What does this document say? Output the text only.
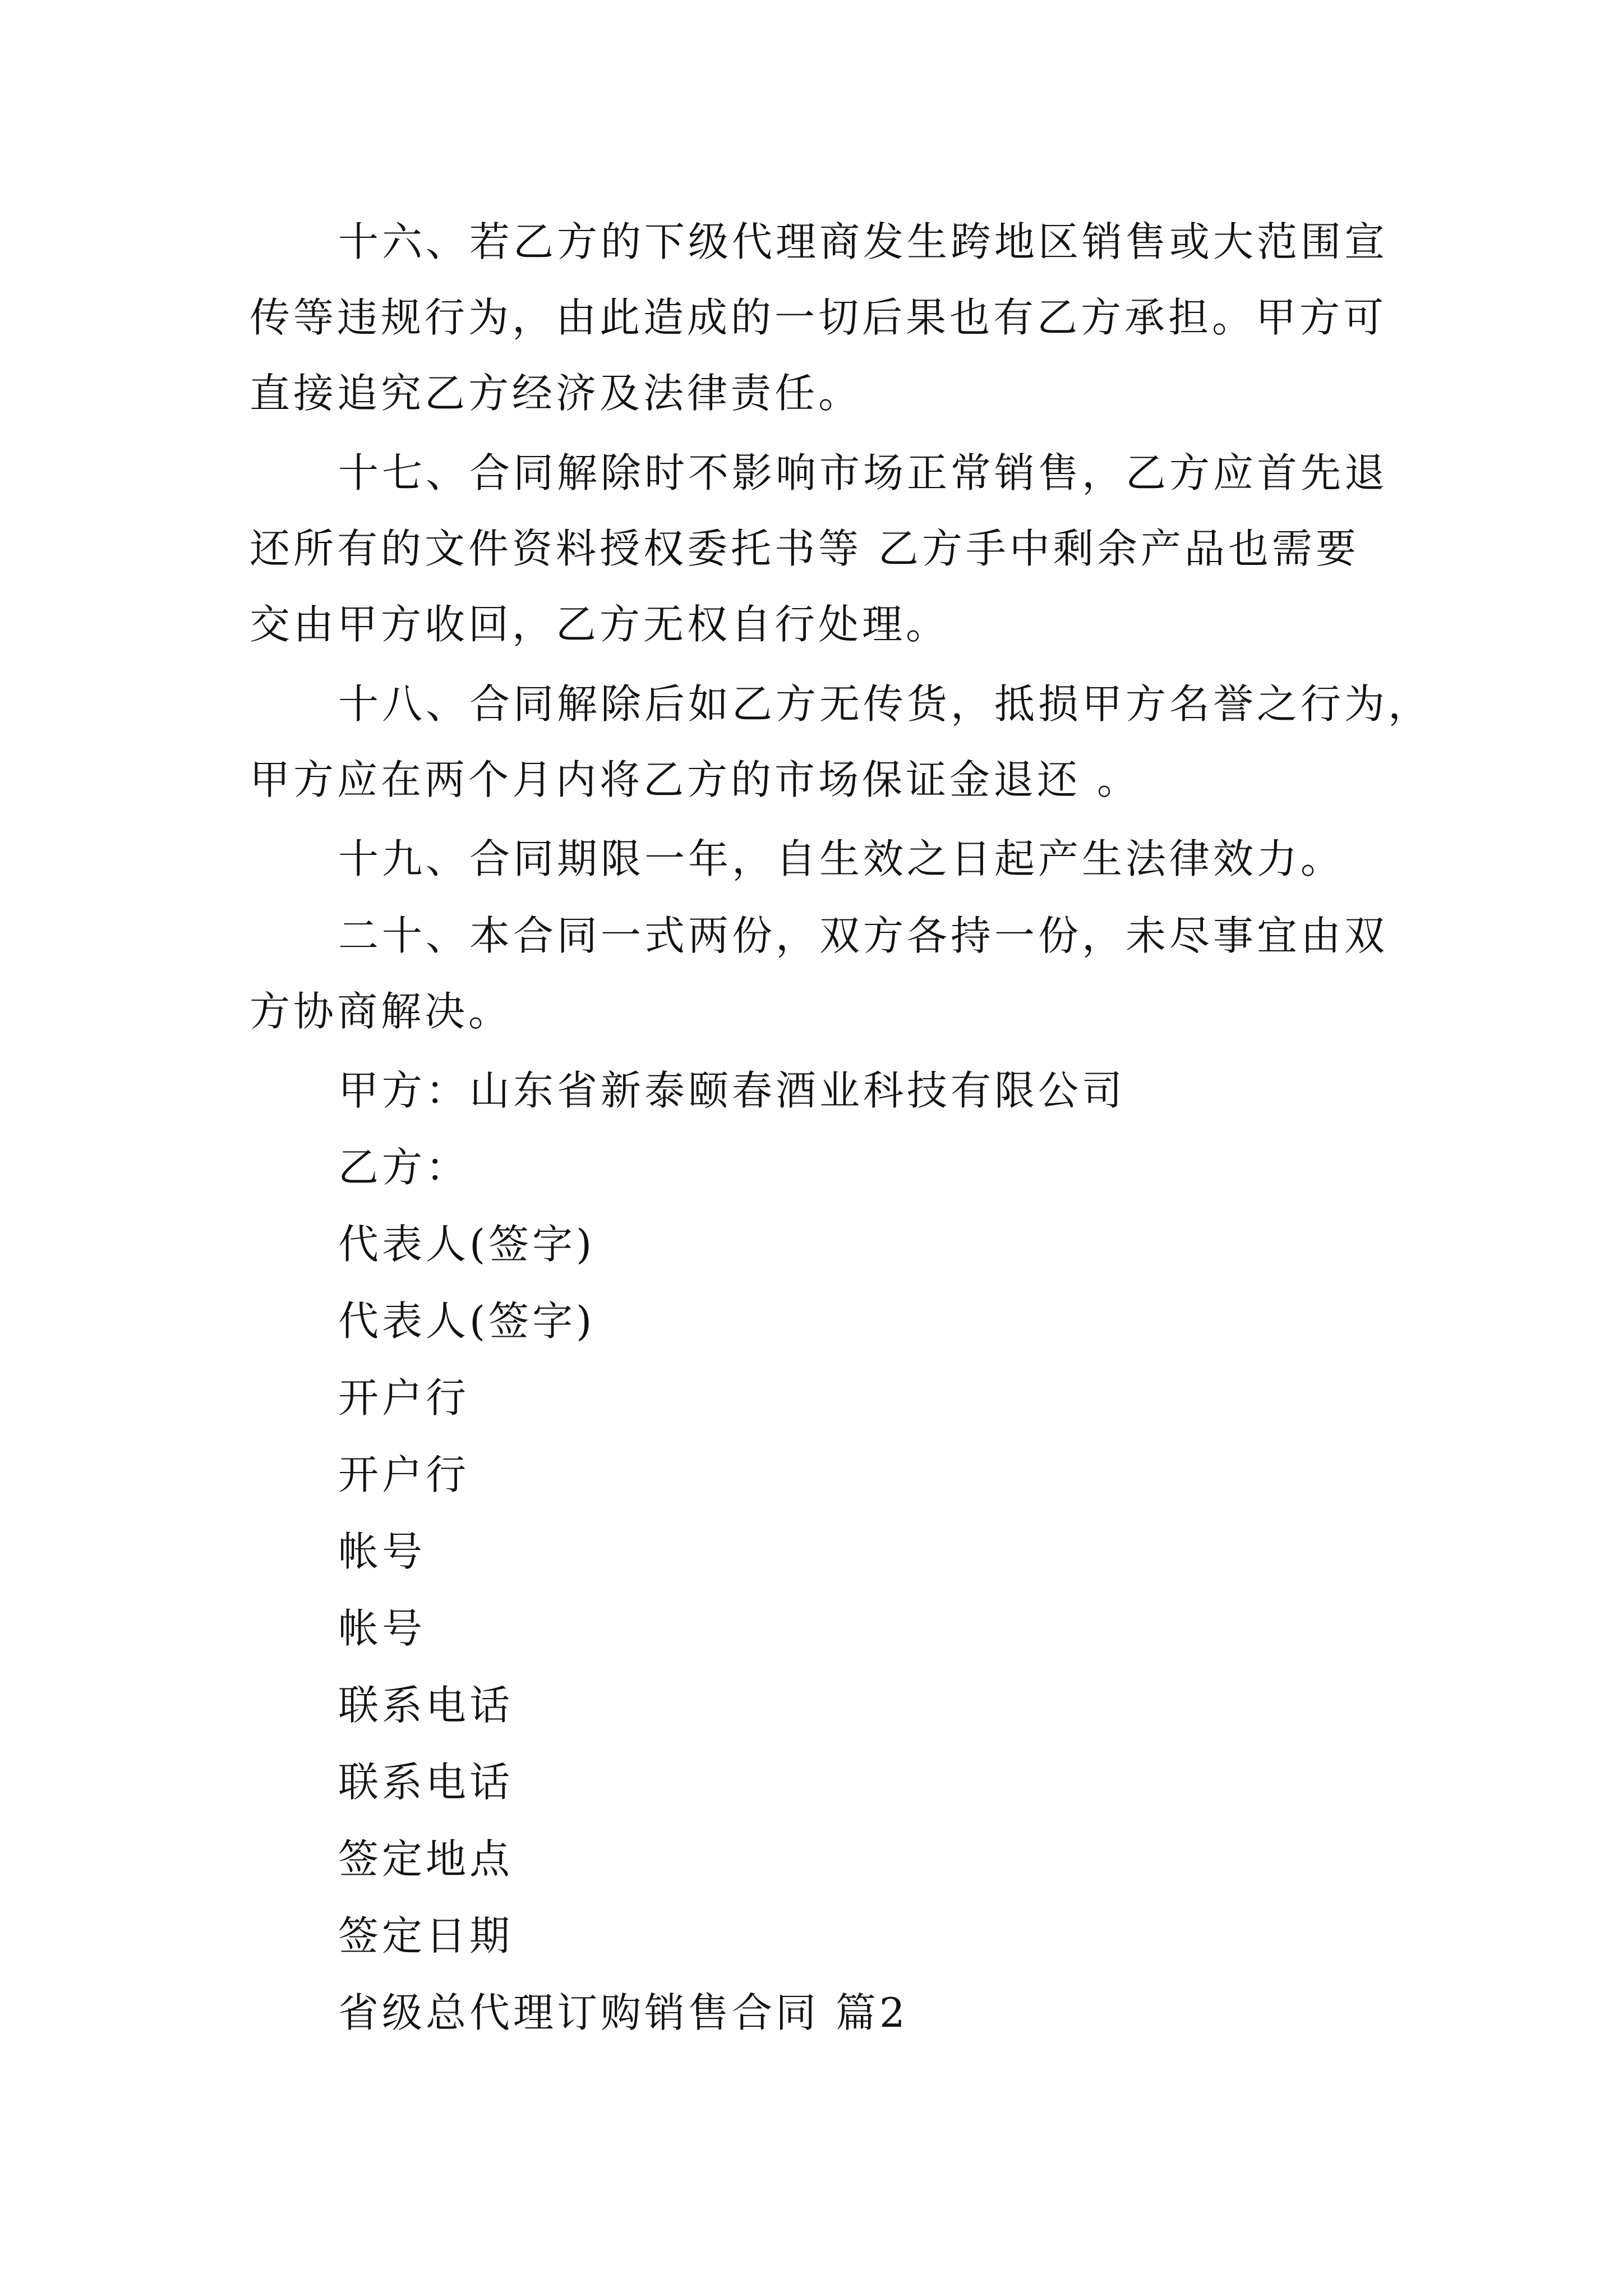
十六、若乙方的下级代理商发生跨地区销售或大范围宣

传等违规行为，由此造成的一切后果也有乙方承担。甲方可

直接追究乙方经济及法律责任。

十七、合同解除时不影响市场正常销售，乙方应首先退

还所有的文件资料授权委托书等 乙方手中剩余产品也需要

交由甲方收回，乙方无权自行处理。

十八、合同解除后如乙方无传货，抵损甲方名誉之行为，

甲方应在两个月内将乙方的市场保证金退还 。

十九、合同期限一年，自生效之日起产生法律效力。

二十、本合同一式两份，双方各持一份，未尽事宜由双

方协商解决。

甲方：山东省新泰颐春酒业科技有限公司

乙方：

代表人(签字)

代表人(签字)

开户行

开户行

帐号

帐号

联系电话

联系电话

签定地点

签定日期

省级总代理订购销售合同 篇2
